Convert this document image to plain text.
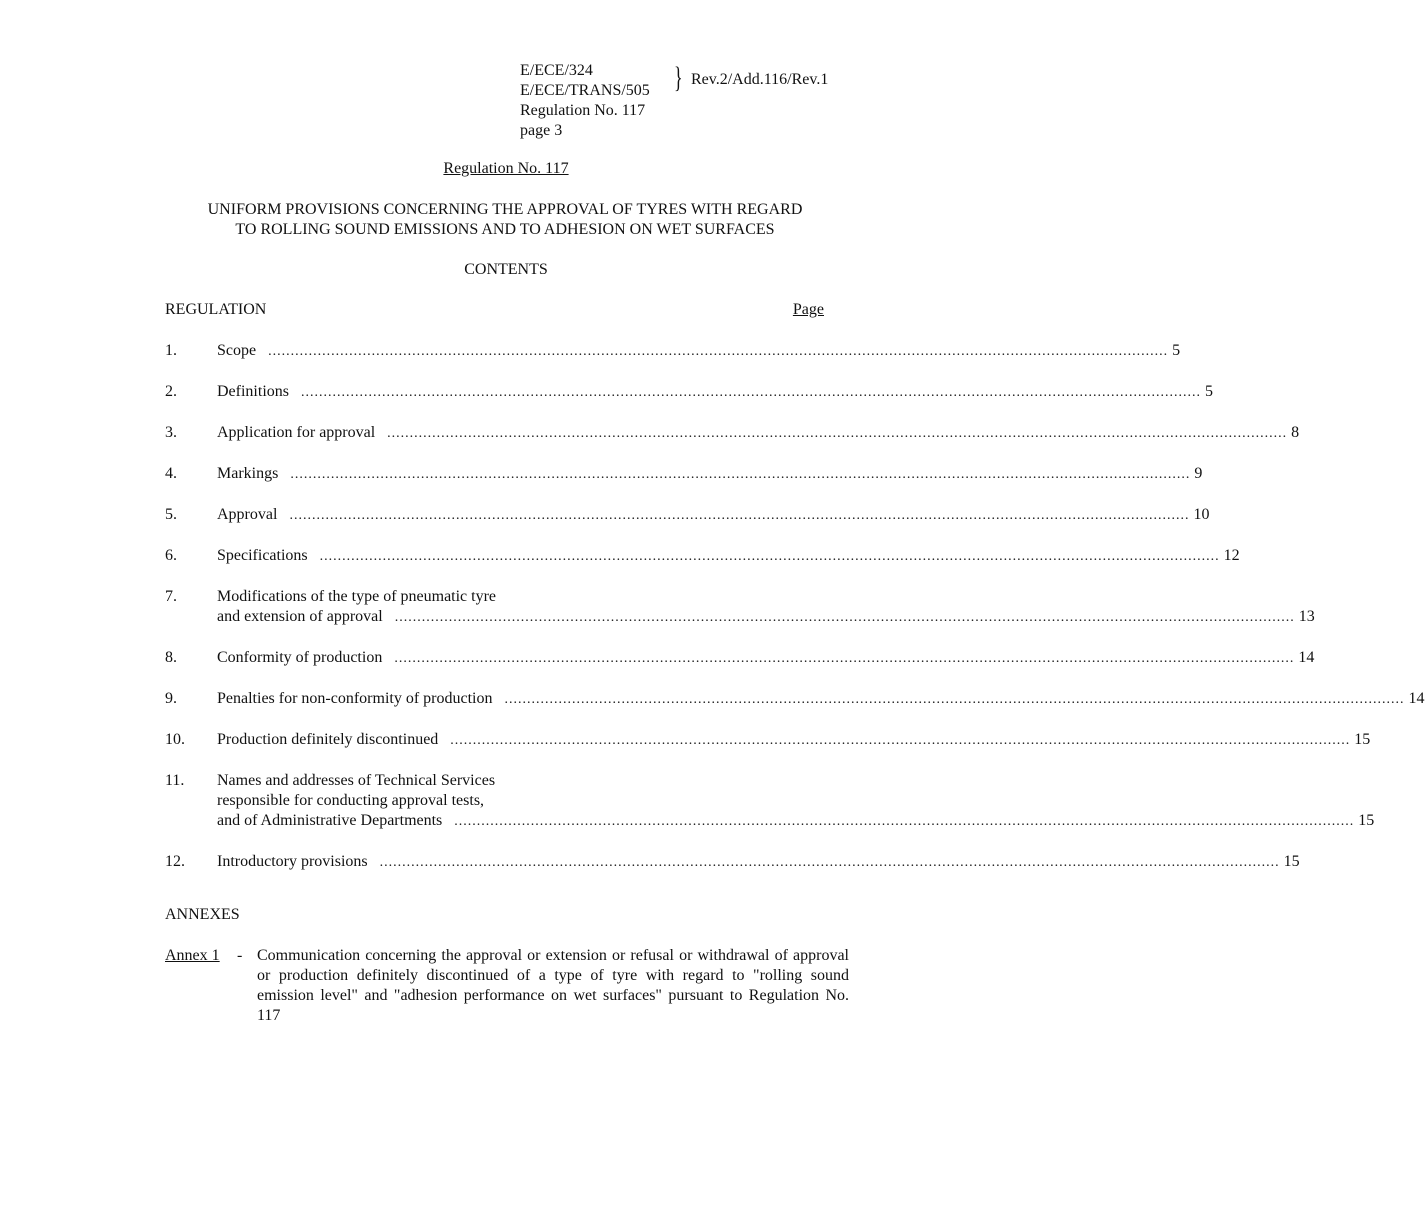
E/ECE/324
E/ECE/TRANS/505
Regulation No. 117
page 3
} Rev.2/Add.116/Rev.1
Regulation No. 117
UNIFORM PROVISIONS CONCERNING THE APPROVAL OF TYRES WITH REGARD
TO ROLLING SOUND EMISSIONS AND TO ADHESION ON WET SURFACES
CONTENTS
REGULATION	Page
1.	Scope ........................................................................................................................................................................................................ 5
2.	Definitions ........................................................................................................................................................................................................ 5
3.	Application for approval ........................................................................................................................................................................................................ 8
4.	Markings ........................................................................................................................................................................................................ 9
5.	Approval ........................................................................................................................................................................................................ 10
6.	Specifications ........................................................................................................................................................................................................ 12
7.	Modifications of the type of pneumatic tyre
and extension of approval ........................................................................................................................................................................................................ 13
8.	Conformity of production ........................................................................................................................................................................................................ 14
9.	Penalties for non-conformity of production ........................................................................................................................................................................................................ 14
10.	Production definitely discontinued ........................................................................................................................................................................................................ 15
11.	Names and addresses of Technical Services
responsible for conducting approval tests,
and of Administrative Departments ........................................................................................................................................................................................................ 15
12.	Introductory provisions ........................................................................................................................................................................................................ 15
ANNEXES
Annex 1 - Communication concerning the approval or extension or refusal or withdrawal of approval or production definitely discontinued of a type of tyre with regard to "rolling sound emission level" and "adhesion performance on wet surfaces" pursuant to Regulation No. 117
